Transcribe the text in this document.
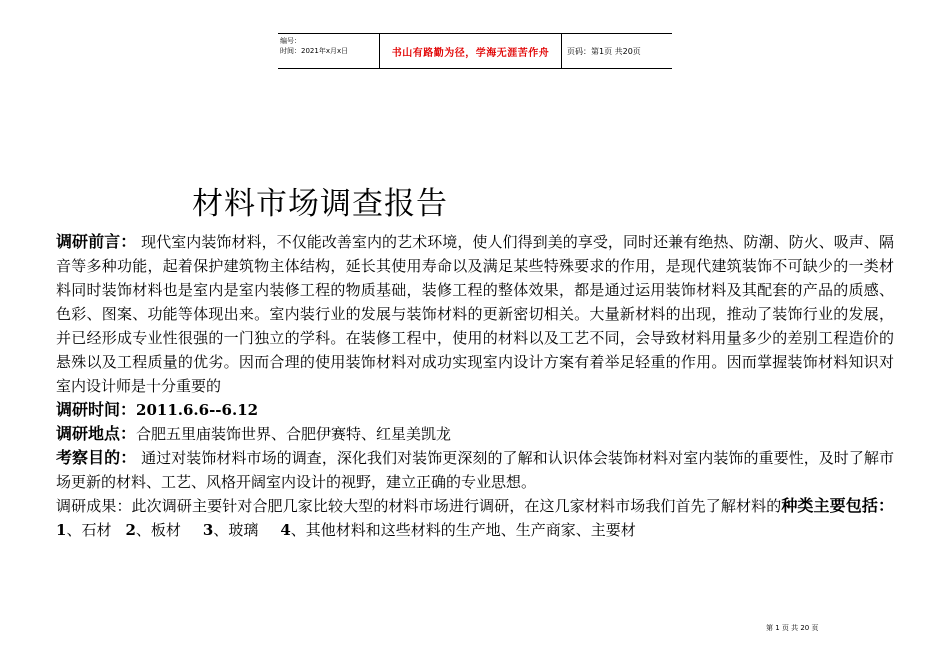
编号：
时间：2021年x月x日	书山有路勤为径，学海无涯苦作舟 页码：第1页 共20页
材料市场调查报告

调研前言： 现代室内装饰材料，不仅能改善室内的艺术环境，使人们得到美的享受，同时还兼有绝热、防潮、防火、吸声、隔音等多种功能，起着保护建筑物主体结构，延长其使用寿命以及满足某些特殊要求的作用，是现代建筑装饰不可缺少的一类材料同时装饰材料也是室内是室内装修工程的物质基础，装修工程的整体效果，都是通过运用装饰材料及其配套的产品的质感、色彩、图案、功能等体现出来。室内装行业的发展与装饰材料的更新密切相关。大量新材料的出现，推动了装饰行业的发展，并已经形成专业性很强的一门独立的学科。在装修工程中，使用的材料以及工艺不同，会导致材料用量多少的差别工程造价的悬殊以及工程质量的优劣。因而合理的使用装饰材料对成功实现室内设计方案有着举足轻重的作用。因而掌握装饰材料知识对室内设计师是十分重要的

调研时间：2011.6.6--6.12

调研地点：合肥五里庙装饰世界、合肥伊赛特、红星美凯龙

考察目的： 通过对装饰材料市场的调查，深化我们对装饰更深刻的了解和认识体会装饰材料对室内装饰的重要性，及时了解市场更新的材料、工艺、风格开阔室内设计的视野，建立正确的专业思想。

调研成果：此次调研主要针对合肥几家比较大型的材料市场进行调研，在这几家材料市场我们首先了解材料的种类主要包括：1、石材 2、板材 3、玻璃 4、其他材料和这些材料的生产地、生产商家、主要材

第 1 页 共 20 页
